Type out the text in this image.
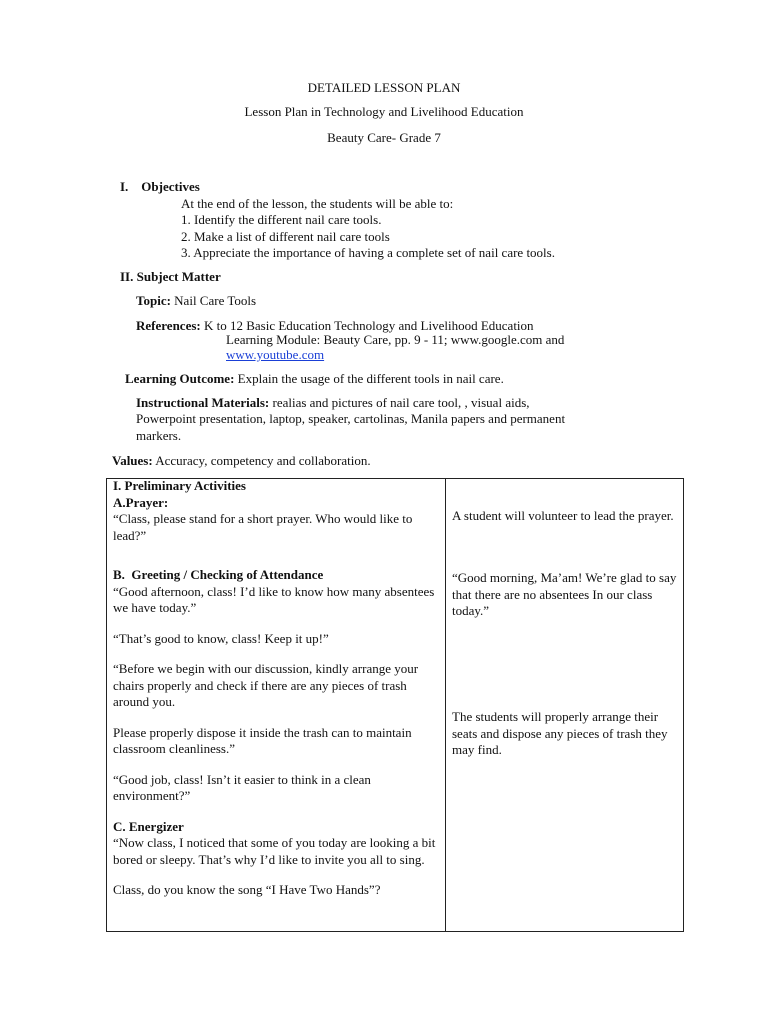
DETAILED LESSON PLAN
Lesson Plan in Technology and Livelihood Education
Beauty Care- Grade 7
I.    Objectives
At the end of the lesson, the students will be able to:
1. Identify the different nail care tools.
2. Make a list of different nail care tools
3. Appreciate the importance of having a complete set of nail care tools.
II. Subject Matter
Topic: Nail Care Tools
References: K to 12 Basic Education Technology and Livelihood Education
Learning Module: Beauty Care, pp. 9 - 11; www.google.com and
www.youtube.com
Learning Outcome: Explain the usage of the different tools in nail care.
Instructional Materials: realias and pictures of nail care tool, , visual aids,
Powerpoint presentation, laptop, speaker, cartolinas, Manila papers and permanent
markers.
Values: Accuracy, competency and collaboration.

I. Preliminary Activities

A.Prayer:

“Class, please stand for a short prayer. Who would like to lead?”

B.  Greeting / Checking of Attendance

“Good afternoon, class! I’d like to know how many absentees we have today.”

“That’s good to know, class! Keep it up!”

“Before we begin with our discussion, kindly arrange your chairs properly and check if there are any pieces of trash around you.

Please properly dispose it inside the trash can to maintain classroom cleanliness.”

“Good job, class! Isn’t it easier to think in a clean environment?”

C. Energizer

“Now class, I noticed that some of you today are looking a bit bored or sleepy. That’s why I’d like to invite you all to sing.

Class, do you know the song “I Have Two Hands”?

A student will volunteer to lead the prayer.
“Good morning, Ma’am! We’re glad to say that there are no absentees In our class today.”
The students will properly arrange their seats and dispose any pieces of trash they may find.
